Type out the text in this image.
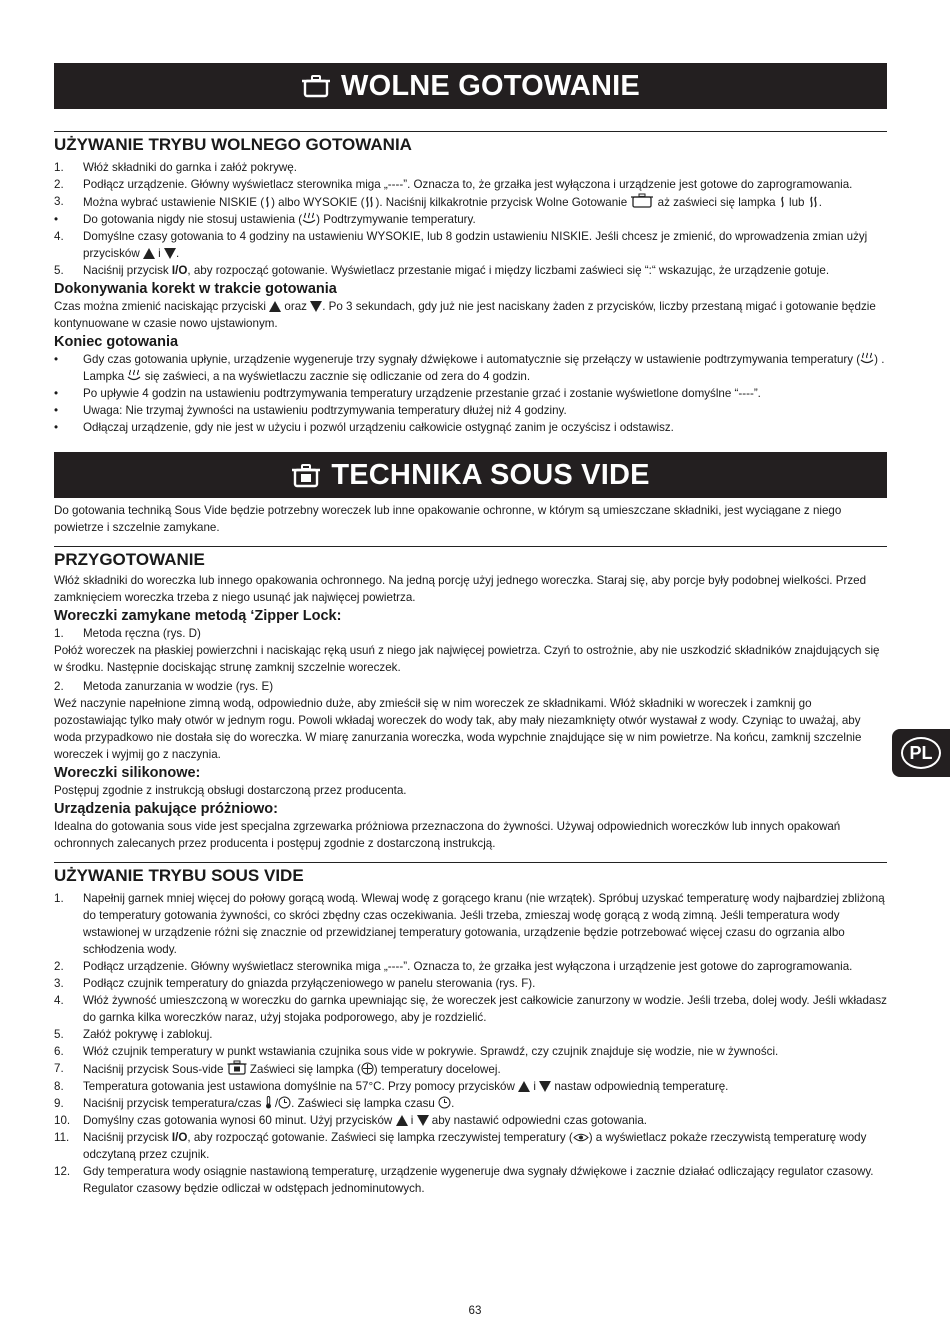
WOLNE GOTOWANIE
UŻYWANIE TRYBU WOLNEGO GOTOWANIA
1.	Włóż składniki do garnka i załóż pokrywę.
2.	Podłącz urządzenie. Główny wyświetlacz sterownika miga „----”. Oznacza to, że grzałka jest wyłączona i urządzenie jest gotowe do zaprogramowania.
3.	Można wybrać ustawienie NISKIE ( ) albo WYSOKIE ( ). Naciśnij kilkakrotnie przycisk Wolne Gotowanie  aż zaświeci się lampka  lub .
•	Do gotowania nigdy nie stosuj ustawienia ( ) Podtrzymywanie temperatury.
4.	Domyślne czasy gotowania to 4 godziny na ustawieniu WYSOKIE, lub 8 godzin ustawieniu NISKIE. Jeśli chcesz je zmienić, do wprowadzenia zmian użyj przycisków  i .
5.	Naciśnij przycisk I/O, aby rozpocząć gotowanie. Wyświetlacz przestanie migać i między liczbami zaświeci się “:“ wskazując, że urządzenie gotuje.
Dokonywania korekt w trakcie gotowania

Czas można zmienić naciskając przyciski  oraz . Po 3 sekundach, gdy już nie jest naciskany żaden z przycisków, liczby przestaną migać i gotowanie będzie kontynuowane w czasie nowo ujstawionym.

Koniec gotowania
•	Gdy czas gotowania upłynie, urządzenie wygeneruje trzy sygnały dźwiękowe i automatycznie się przełączy w ustawienie podtrzymywania temperatury ( ) . Lampka  się zaświeci, a na wyświetlaczu zacznie się odliczanie od zera do 4 godzin.
•	Po upływie 4 godzin na ustawieniu podtrzymywania temperatury urządzenie przestanie grzać i zostanie wyświetlone domyślne “----”.
•	Uwaga: Nie trzymaj żywności na ustawieniu podtrzymywania temperatury dłużej niż 4 godziny.
•	Odłączaj urządzenie, gdy nie jest w użyciu i pozwól urządzeniu całkowicie ostygnąć zanim je oczyścisz i odstawisz.
TECHNIKA SOUS VIDE

Do gotowania techniką Sous Vide będzie potrzebny woreczek lub inne opakowanie ochronne, w którym są umieszczane składniki, jest wyciągane z niego powietrze i szczelnie zamykane.

PRZYGOTOWANIE

Włóż składniki do woreczka lub innego opakowania ochronnego. Na jedną porcję użyj jednego woreczka. Staraj się, aby porcje były podobnej wielkości. Przed zamknięciem woreczka trzeba z niego usunąć jak najwięcej powietrza.

Woreczki zamykane metodą ‘Zipper Lock:
1.	Metoda ręczna (rys. D)

Połóż woreczek na płaskiej powierzchni i naciskając ręką usuń z niego jak najwięcej powietrza. Czyń to ostrożnie, aby nie uszkodzić składników znajdujących się w środku. Następnie dociskając strunę zamknij szczelnie woreczek.

2.	Metoda zanurzania w wodzie (rys. E)

Weź naczynie napełnione zimną wodą, odpowiednio duże, aby zmieścił się w nim woreczek ze składnikami. Włóż składniki w woreczek i zamknij go pozostawiając tylko mały otwór w jednym rogu. Powoli wkładaj woreczek do wody tak, aby mały niezamknięty otwór wystawał z wody. Czyniąc to uważaj, aby woda przypadkowo nie dostała się do woreczka. W miarę zanurzania woreczka, woda wypchnie znajdujące się w nim powietrze. Na końcu, zamknij szczelnie woreczek i wyjmij go z naczynia.

Woreczki silikonowe:

Postępuj zgodnie z instrukcją obsługi dostarczoną przez producenta.

Urządzenia pakujące próżniowo:

Idealna do gotowania sous vide jest specjalna zgrzewarka próżniowa przeznaczona do żywności. Używaj odpowiednich woreczków lub innych opakowań ochronnych zalecanych przez producenta i postępuj zgodnie z dostarczoną instrukcją.

UŻYWANIE TRYBU SOUS VIDE
1.	Napełnij garnek mniej więcej do połowy gorącą wodą. Wlewaj wodę z gorącego kranu (nie wrzątek). Spróbuj uzyskać temperaturę wody najbardziej zbliżoną do temperatury gotowania żywności, co skróci zbędny czas oczekiwania. Jeśli trzeba, zmieszaj wodę gorącą z wodą zimną. Jeśli temperatura wody wstawionej w urządzenie różni się znacznie od przewidzianej temperatury gotowania, urządzenie będzie potrzebować więcej czasu do ogrzania albo schłodzenia wody.
2.	Podłącz urządzenie. Główny wyświetlacz sterownika miga „----”. Oznacza to, że grzałka jest wyłączona i urządzenie jest gotowe do zaprogramowania.
3.	Podłącz czujnik temperatury do gniazda przyłączeniowego w panelu sterowania (rys. F).
4.	Włóż żywność umieszczoną w woreczku do garnka upewniając się, że woreczek jest całkowicie zanurzony w wodzie. Jeśli trzeba, dolej wody. Jeśli wkładasz do garnka kilka woreczków naraz, użyj stojaka podporowego, aby je rozdzielić.
5.	Załóż pokrywę i zablokuj.
6.	Włóż czujnik temperatury w punkt wstawiania czujnika sous vide w pokrywie. Sprawdź, czy czujnik znajduje się wodzie, nie w żywności.
7.	Naciśnij przycisk Sous-vide  Zaświeci się lampka ( ) temperatury docelowej.
8.	Temperatura gotowania jest ustawiona domyślnie na 57°C. Przy pomocy przycisków  i  nastaw odpowiednią temperaturę.
9.	Naciśnij przycisk temperatura/czas  / . Zaświeci się lampka czasu .
10.	Domyślny czas gotowania wynosi 60 minut. Użyj przycisków  i  aby nastawić odpowiedni czas gotowania.
11.	Naciśnij przycisk I/O, aby rozpocząć gotowanie. Zaświeci się lampka rzeczywistej temperatury ( ) a wyświetlacz pokaże rzeczywistą temperaturę wody odczytaną przez czujnik.
12.	Gdy temperatura wody osiągnie nastawioną temperaturę, urządzenie wygeneruje dwa sygnały dźwiękowe i zacznie działać odliczający regulator czasowy. Regulator czasowy będzie odliczał w odstępach jednominutowych.
PL
63
